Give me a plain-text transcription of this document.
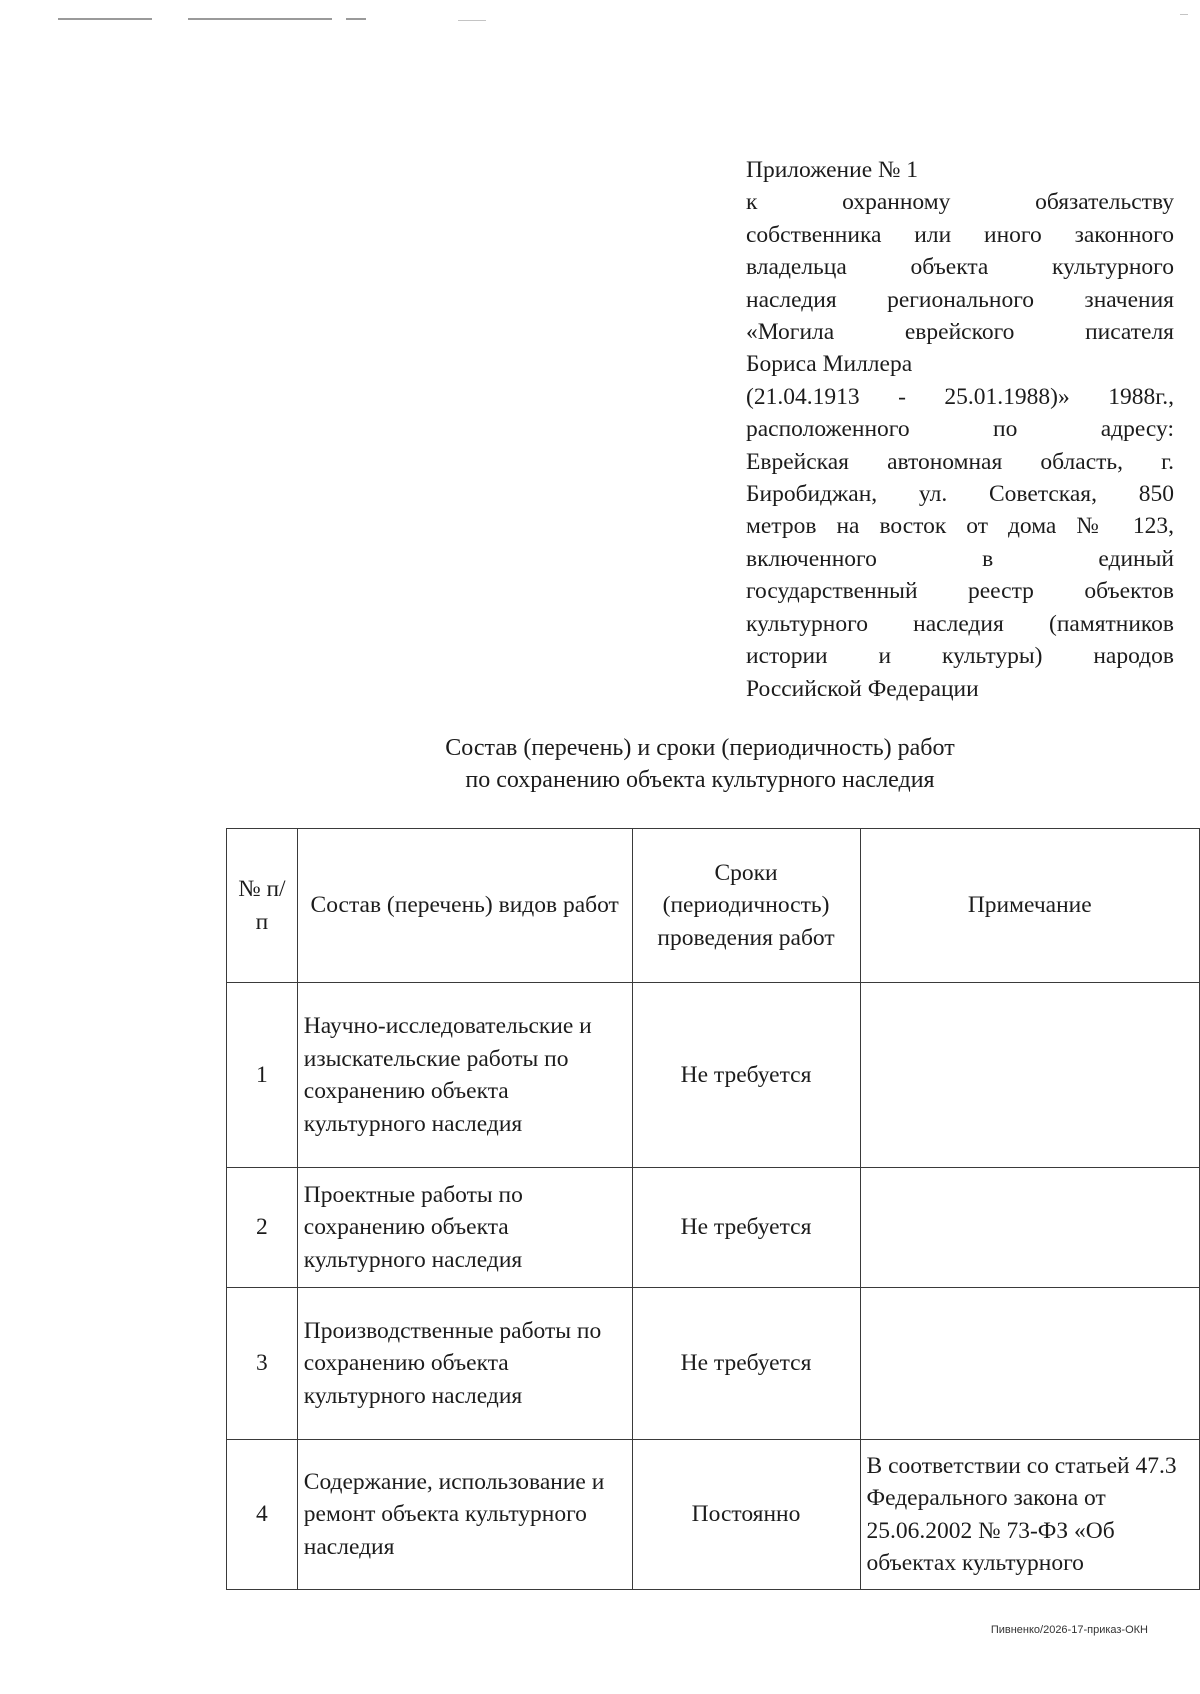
Приложение № 1
к охранному обязательству
собственника или иного законного
владельца объекта культурного
наследия регионального значения
«Могила еврейского писателя
Бориса Миллера
(21.04.1913 - 25.01.1988)» 1988г.,
расположенного по адресу:
Еврейская автономная область, г.
Биробиджан, ул. Советская, 850
метров на восток от дома № 123,
включенного в единый
государственный реестр объектов
культурного наследия (памятников
истории и культуры) народов
Российской Федерации
Состав (перечень) и сроки (периодичность) работ
по сохранению объекта культурного наследия
№ п/п	Состав (перечень) видов работ	Сроки (периодичность) проведения работ	Примечание
1	Научно-исследовательские и изыскательские работы по сохранению объекта культурного наследия	Не требуется	
2	Проектные работы по сохранению объекта культурного наследия	Не требуется	
3	Производственные работы по сохранению объекта культурного наследия	Не требуется	
4	Содержание, использование и ремонт объекта культурного наследия	Постоянно	В соответствии со статьей 47.3 Федерального закона от 25.06.2002 № 73-ФЗ «Об объектах культурного
Пивненко/2026-17-приказ-ОКН
